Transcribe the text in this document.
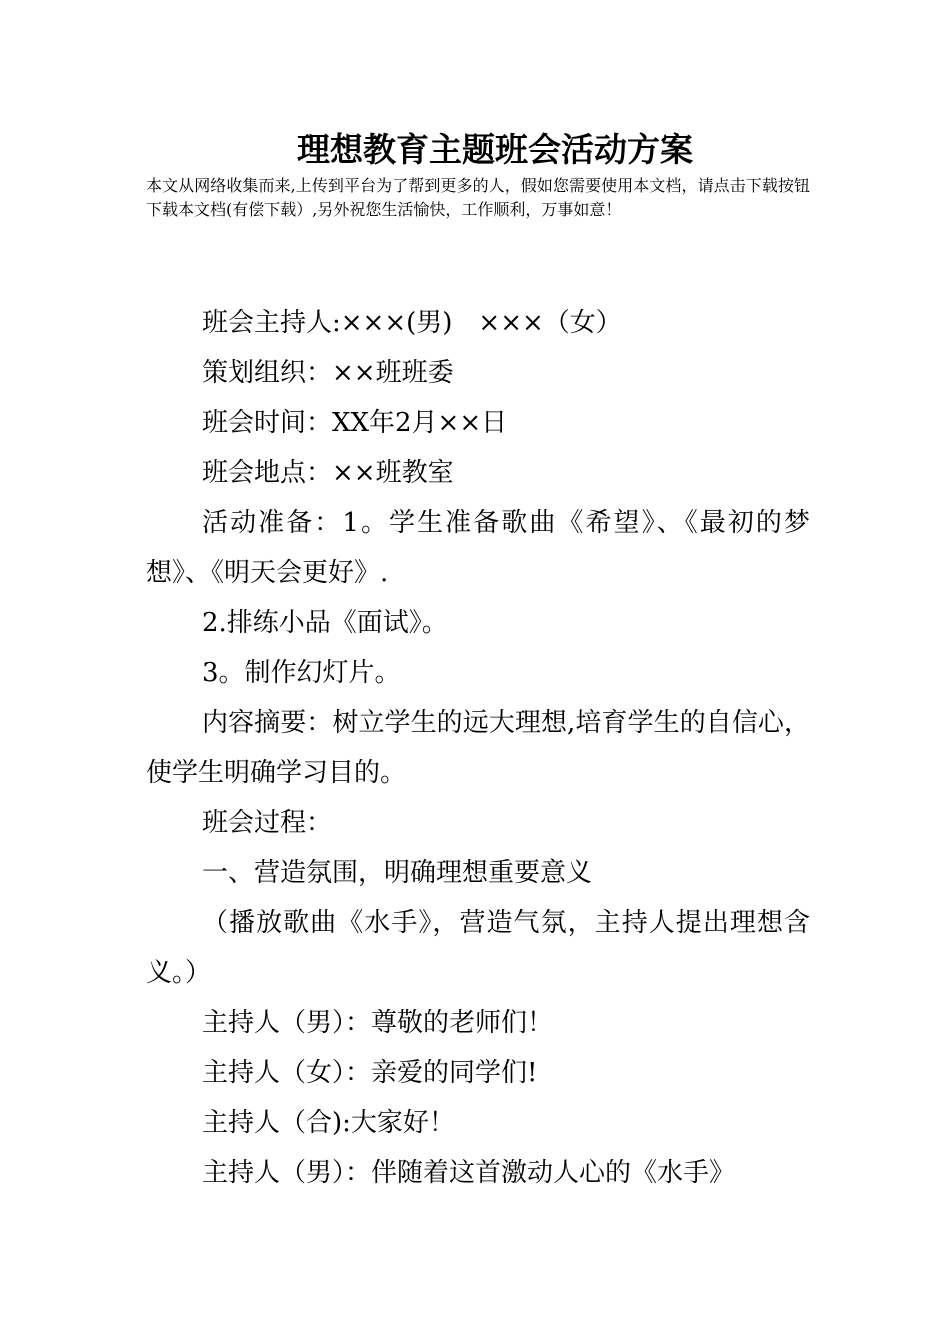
理想教育主题班会活动方案
本文从网络收集而来,上传到平台为了帮到更多的人，假如您需要使用本文档，请点击下载按钮下载本文档(有偿下载）,另外祝您生活愉快，工作顺利，万事如意！

班会主持人:×××(男)　×××（女）

策划组织：××班班委

班会时间：XX年2月××日

班会地点：××班教室

活动准备：1。学生准备歌曲《希望》、《最初的梦想》、《明天会更好》.

2.排练小品《面试》。

3。制作幻灯片。

内容摘要：树立学生的远大理想,培育学生的自信心，使学生明确学习目的。

班会过程：

一、营造氛围，明确理想重要意义

（播放歌曲《水手》，营造气氛，主持人提出理想含义。）

主持人（男）：尊敬的老师们！

主持人（女）：亲爱的同学们!

主持人（合):大家好！

主持人（男）：伴随着这首激动人心的《水手》
